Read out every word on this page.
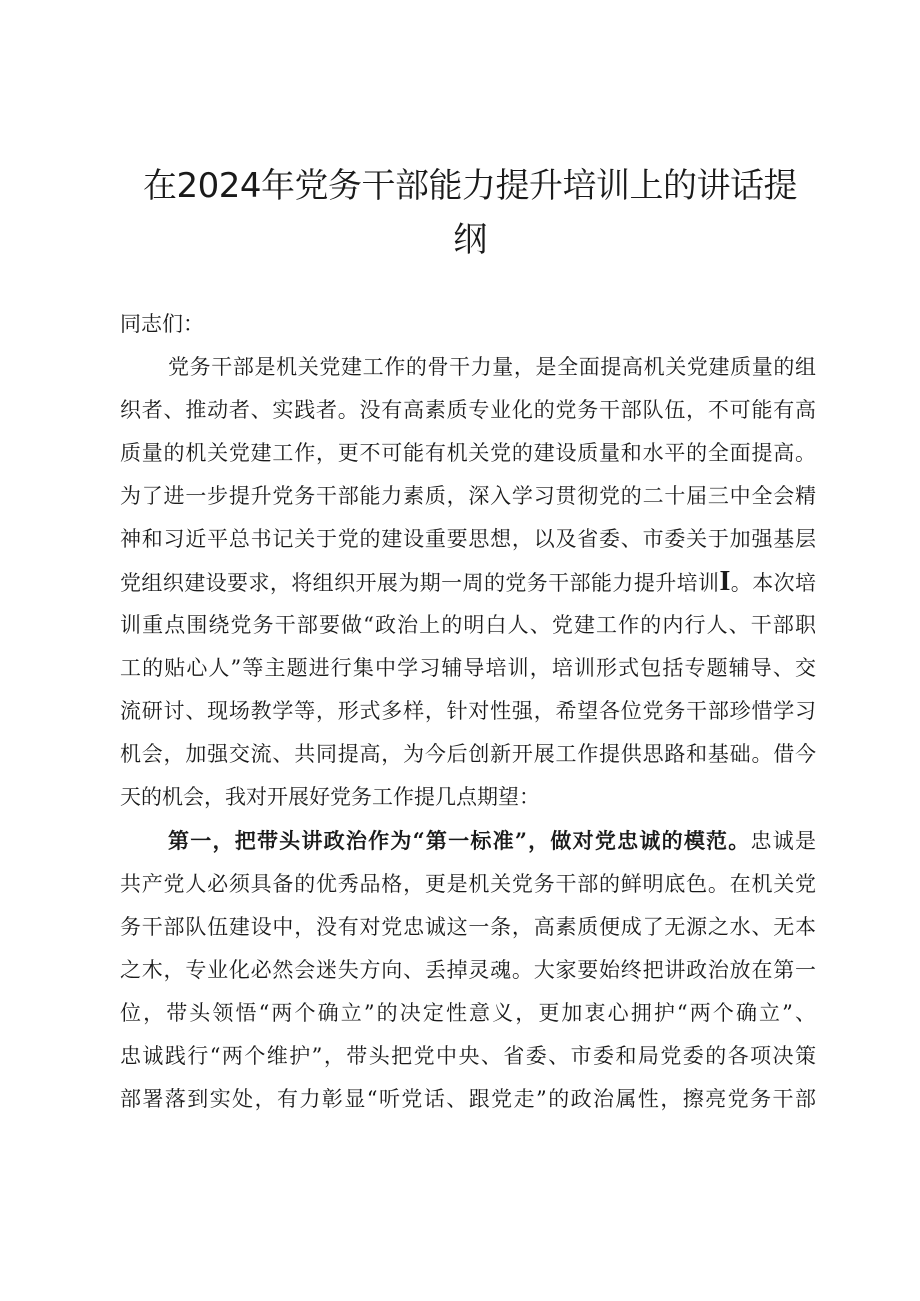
在2024年党务干部能力提升培训上的讲话提
纲
同志们：
党务干部是机关党建工作的骨干力量，是全面提高机关党建质量的组
织者、推动者、实践者。没有高素质专业化的党务干部队伍，不可能有高
质量的机关党建工作，更不可能有机关党的建设质量和水平的全面提高。
为了进一步提升党务干部能力素质，深入学习贯彻党的二十届三中全会精
神和习近平总书记关于党的建设重要思想，以及省委、市委关于加强基层
党组织建设要求，将组织开展为期一周的党务干部能力提升培训I。本次培
训重点围绕党务干部要做“政治上的明白人、党建工作的内行人、干部职
工的贴心人”等主题进行集中学习辅导培训，培训形式包括专题辅导、交
流研讨、现场教学等，形式多样，针对性强，希望各位党务干部珍惜学习
机会，加强交流、共同提高，为今后创新开展工作提供思路和基础。借今
天的机会，我对开展好党务工作提几点期望：
第一，把带头讲政治作为“第一标准”，做对党忠诚的模范。忠诚是
共产党人必须具备的优秀品格，更是机关党务干部的鲜明底色。在机关党
务干部队伍建设中，没有对党忠诚这一条，高素质便成了无源之水、无本
之木，专业化必然会迷失方向、丢掉灵魂。大家要始终把讲政治放在第一
位，带头领悟“两个确立”的决定性意义，更加衷心拥护“两个确立”、
忠诚践行“两个维护”，带头把党中央、省委、市委和局党委的各项决策
部署落到实处，有力彰显“听党话、跟党走”的政治属性，擦亮党务干部
